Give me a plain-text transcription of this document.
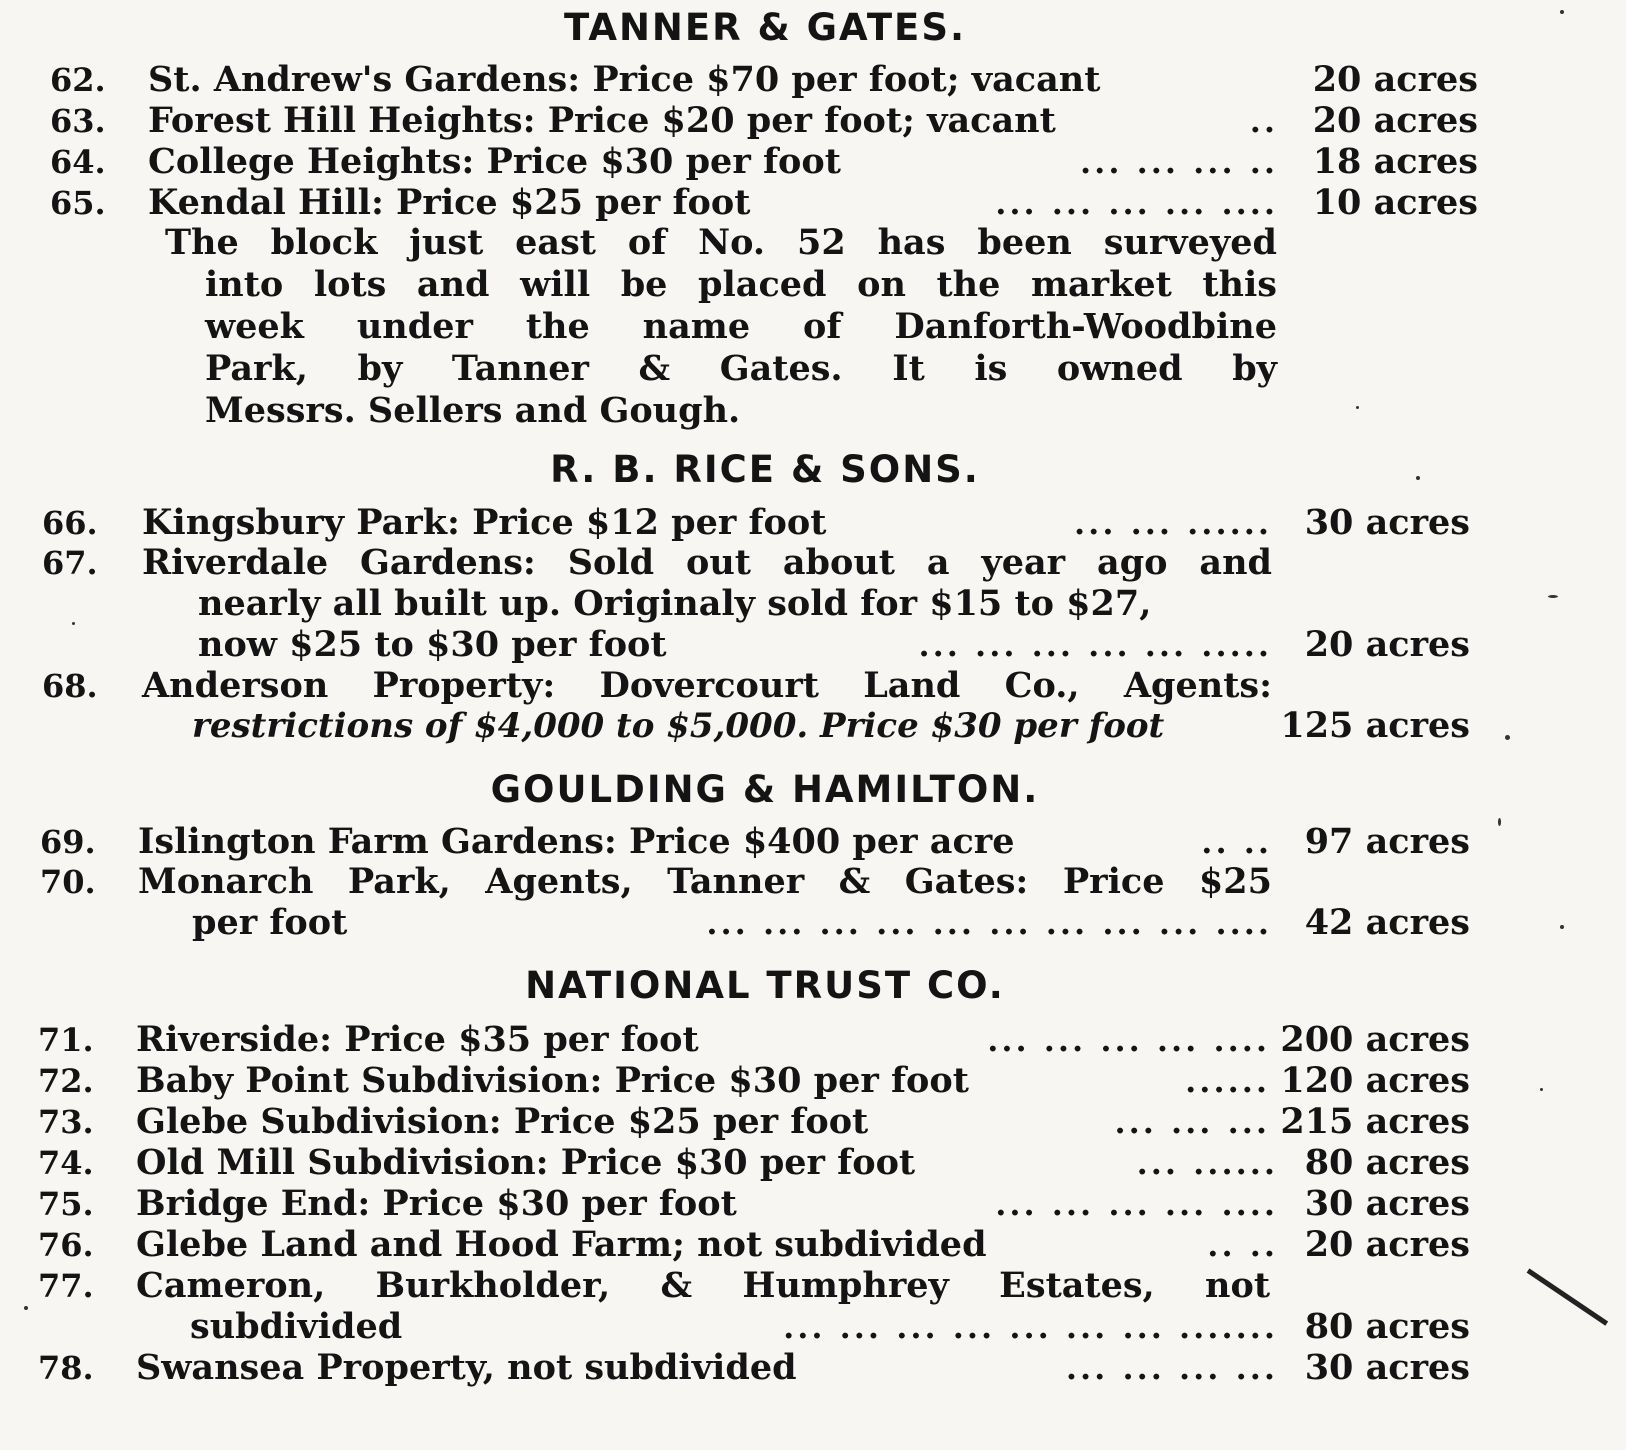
TANNER & GATES.
62. St. Andrew's Gardens: Price $70 per foot; vacant	20 acres
63. Forest Hill Heights: Price $20 per foot; vacant	.. 20 acres
64. College Heights: Price $30 per foot	... ... ... .. 18 acres
65. Kendal Hill: Price $25 per foot	... ... ... ... .... 10 acres
The block just east of No. 52 has been surveyed
into lots and will be placed on the market this
week under the name of Danforth-Woodbine
Park, by Tanner & Gates. It is owned by
Messrs. Sellers and Gough.
R. B. RICE & SONS.
66. Kingsbury Park: Price $12 per foot	... ... ...... 30 acres
67. Riverdale Gardens: Sold out about a year ago and
nearly all built up. Originaly sold for $15 to $27,
now $25 to $30 per foot	... ... ... ... ... ..... 20 acres
68. Anderson Property: Dovercourt Land Co., Agents:
restrictions of $4,000 to $5,000. Price $30 per foot	125 acres
GOULDING & HAMILTON.
69. Islington Farm Gardens: Price $400 per acre	.. .. 97 acres
70. Monarch Park, Agents, Tanner & Gates: Price $25
per foot	... ... ... ... ... ... ... ... ... .... 42 acres
NATIONAL TRUST CO.
71. Riverside: Price $35 per foot	... ... ... ... .... 200 acres
72. Baby Point Subdivision: Price $30 per foot	...... 120 acres
73. Glebe Subdivision: Price $25 per foot	... ... ... 215 acres
74. Old Mill Subdivision: Price $30 per foot	... ...... 80 acres
75. Bridge End: Price $30 per foot	... ... ... ... .... 30 acres
76. Glebe Land and Hood Farm; not subdivided	.. .. 20 acres
77. Cameron, Burkholder, & Humphrey Estates, not
subdivided	... ... ... ... ... ... ... ....... 80 acres
78. Swansea Property, not subdivided	... ... ... ... 30 acres
